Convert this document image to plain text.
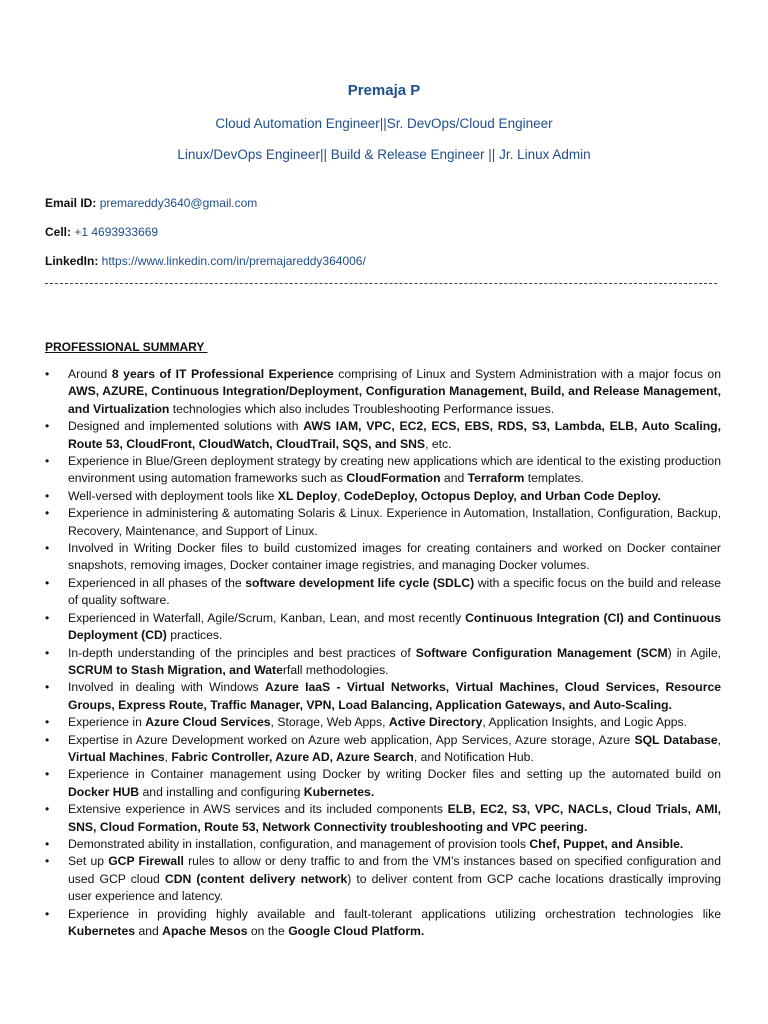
Premaja P
Cloud Automation Engineer||Sr. DevOps/Cloud Engineer
Linux/DevOps Engineer|| Build & Release Engineer || Jr. Linux Admin
Email ID: premareddy3640@gmail.com
Cell: +1 4693933669
LinkedIn: https://www.linkedin.com/in/premajareddy364006/
PROFESSIONAL SUMMARY
• Around 8 years of IT Professional Experience comprising of Linux and System Administration with a major focus on AWS, AZURE, Continuous Integration/Deployment, Configuration Management, Build, and Release Management, and Virtualization technologies which also includes Troubleshooting Performance issues.
• Designed and implemented solutions with AWS IAM, VPC, EC2, ECS, EBS, RDS, S3, Lambda, ELB, Auto Scaling, Route 53, CloudFront, CloudWatch, CloudTrail, SQS, and SNS, etc.
• Experience in Blue/Green deployment strategy by creating new applications which are identical to the existing production environment using automation frameworks such as CloudFormation and Terraform templates.
• Well-versed with deployment tools like XL Deploy, CodeDeploy, Octopus Deploy, and Urban Code Deploy.
• Experience in administering & automating Solaris & Linux. Experience in Automation, Installation, Configuration, Backup, Recovery, Maintenance, and Support of Linux.
• Involved in Writing Docker files to build customized images for creating containers and worked on Docker container snapshots, removing images, Docker container image registries, and managing Docker volumes.
• Experienced in all phases of the software development life cycle (SDLC) with a specific focus on the build and release of quality software.
• Experienced in Waterfall, Agile/Scrum, Kanban, Lean, and most recently Continuous Integration (CI) and Continuous Deployment (CD) practices.
• In-depth understanding of the principles and best practices of Software Configuration Management (SCM) in Agile, SCRUM to Stash Migration, and Waterfall methodologies.
• Involved in dealing with Windows Azure IaaS - Virtual Networks, Virtual Machines, Cloud Services, Resource Groups, Express Route, Traffic Manager, VPN, Load Balancing, Application Gateways, and Auto-Scaling.
• Experience in Azure Cloud Services, Storage, Web Apps, Active Directory, Application Insights, and Logic Apps.
• Expertise in Azure Development worked on Azure web application, App Services, Azure storage, Azure SQL Database, Virtual Machines, Fabric Controller, Azure AD, Azure Search, and Notification Hub.
• Experience in Container management using Docker by writing Docker files and setting up the automated build on Docker HUB and installing and configuring Kubernetes.
• Extensive experience in AWS services and its included components ELB, EC2, S3, VPC, NACLs, Cloud Trials, AMI, SNS, Cloud Formation, Route 53, Network Connectivity troubleshooting and VPC peering.
• Demonstrated ability in installation, configuration, and management of provision tools Chef, Puppet, and Ansible.
• Set up GCP Firewall rules to allow or deny traffic to and from the VM's instances based on specified configuration and used GCP cloud CDN (content delivery network) to deliver content from GCP cache locations drastically improving user experience and latency.
• Experience in providing highly available and fault-tolerant applications utilizing orchestration technologies like Kubernetes and Apache Mesos on the Google Cloud Platform.
